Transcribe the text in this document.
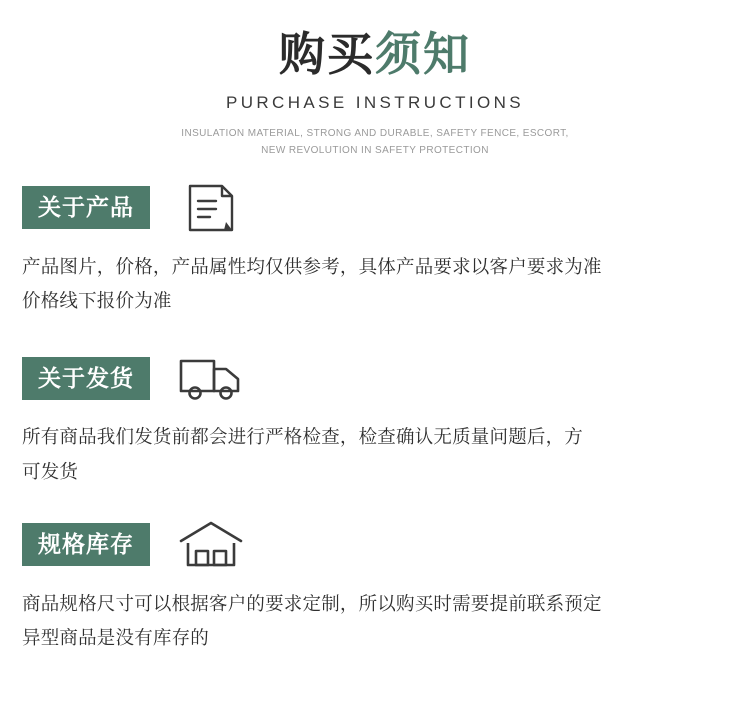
购买须知
PURCHASE INSTRUCTIONS
INSULATION MATERIAL, STRONG AND DURABLE, SAFETY FENCE, ESCORT,
NEW REVOLUTION IN SAFETY PROTECTION
关于产品

产品图片，价格，产品属性均仅供参考，具体产品要求以客户要求为准

价格线下报价为准

关于发货

所有商品我们发货前都会进行严格检查，检查确认无质量问题后，方

可发货

规格库存

商品规格尺寸可以根据客户的要求定制，所以购买时需要提前联系预定

异型商品是没有库存的
